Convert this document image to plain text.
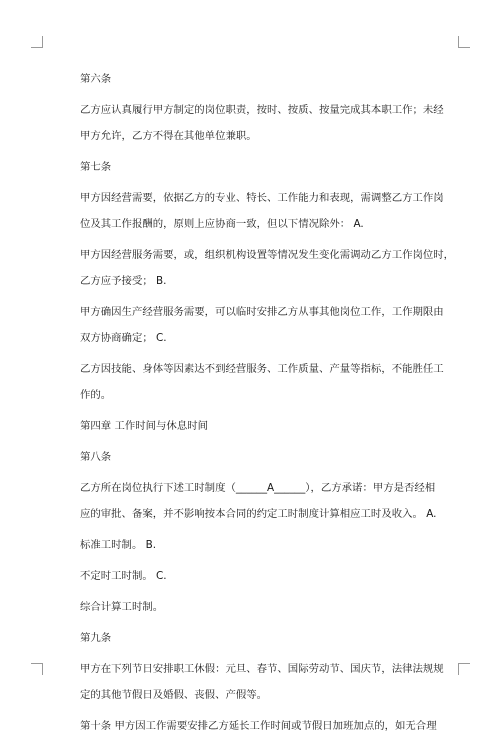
第六条
乙方应认真履行甲方制定的岗位职责，按时、按质、按量完成其本职工作；未经
甲方允许，乙方不得在其他单位兼职。
第七条
甲方因经营需要，依据乙方的专业、特长、工作能力和表现，需调整乙方工作岗
位及其工作报酬的，原则上应协商一致，但以下情况除外： A.
甲方因经营服务需要，或，组织机构设置等情况发生变化需调动乙方工作岗位时，
乙方应予接受； B.
甲方确因生产经营服务需要，可以临时安排乙方从事其他岗位工作，工作期限由
双方协商确定； C.
乙方因技能、身体等因素达不到经营服务、工作质量、产量等指标，不能胜任工
作的。
第四章 工作时间与休息时间
第八条
乙方所在岗位执行下述工时制度（______A______），乙方承诺：甲方是否经相
应的审批、备案，并不影响按本合同的约定工时制度计算相应工时及收入。 A.
标准工时制。 B.
不定时工时制。 C.
综合计算工时制。
第九条
甲方在下列节日安排职工休假：元旦、春节、国际劳动节、国庆节，法律法规规
定的其他节假日及婚假、丧假、产假等。
第十条 甲方因工作需要安排乙方延长工作时间或节假日加班加点的，如无合理
